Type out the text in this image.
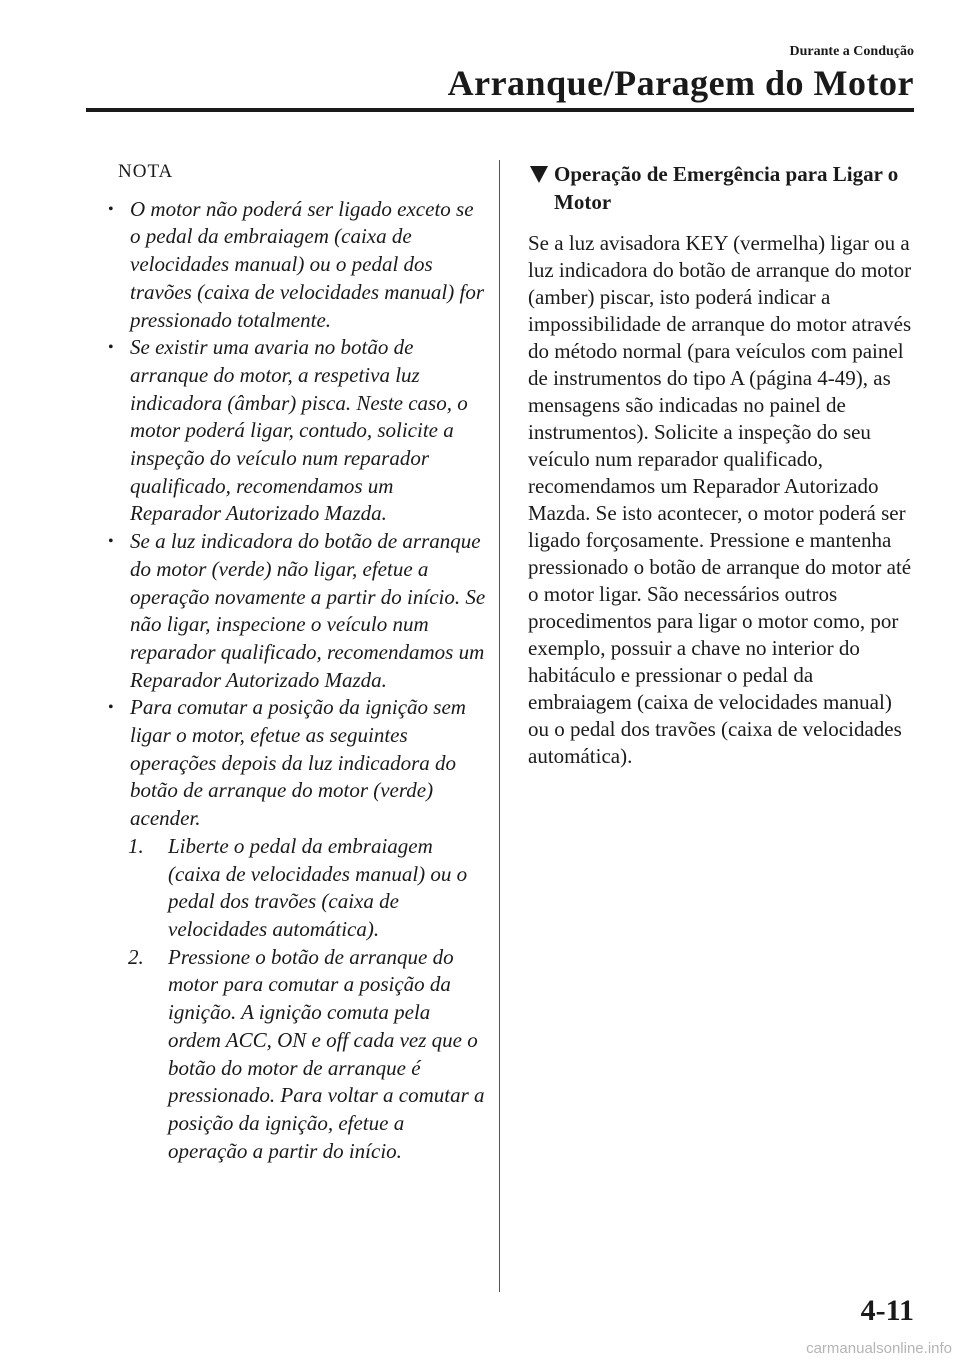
Durante a Condução
Arranque/Paragem do Motor
NOTA
• O motor não poderá ser ligado exceto se o pedal da embraiagem (caixa de velocidades manual) ou o pedal dos travões (caixa de velocidades manual) for pressionado totalmente.
• Se existir uma avaria no botão de arranque do motor, a respetiva luz indicadora (âmbar) pisca. Neste caso, o motor poderá ligar, contudo, solicite a inspeção do veículo num reparador qualificado, recomendamos um Reparador Autorizado Mazda.
• Se a luz indicadora do botão de arranque do motor (verde) não ligar, efetue a operação novamente a partir do início. Se não ligar, inspecione o veículo num reparador qualificado, recomendamos um Reparador Autorizado Mazda.
• Para comutar a posição da ignição sem ligar o motor, efetue as seguintes operações depois da luz indicadora do botão de arranque do motor (verde) acender.
1. Liberte o pedal da embraiagem (caixa de velocidades manual) ou o pedal dos travões (caixa de velocidades automática).
2. Pressione o botão de arranque do motor para comutar a posição da ignição. A ignição comuta pela ordem ACC, ON e off cada vez que o botão do motor de arranque é pressionado. Para voltar a comutar a posição da ignição, efetue a operação a partir do início.
Operação de Emergência para Ligar o Motor
Se a luz avisadora KEY (vermelha) ligar ou a luz indicadora do botão de arranque do motor (amber) piscar, isto poderá indicar a impossibilidade de arranque do motor através do método normal (para veículos com painel de instrumentos do tipo A (página 4-49), as mensagens são indicadas no painel de instrumentos). Solicite a inspeção do seu veículo num reparador qualificado, recomendamos um Reparador Autorizado Mazda. Se isto acontecer, o motor poderá ser ligado forçosamente. Pressione e mantenha pressionado o botão de arranque do motor até o motor ligar. São necessários outros procedimentos para ligar o motor como, por exemplo, possuir a chave no interior do habitáculo e pressionar o pedal da embraiagem (caixa de velocidades manual) ou o pedal dos travões (caixa de velocidades automática).
4-11
carmanualsonline.info
